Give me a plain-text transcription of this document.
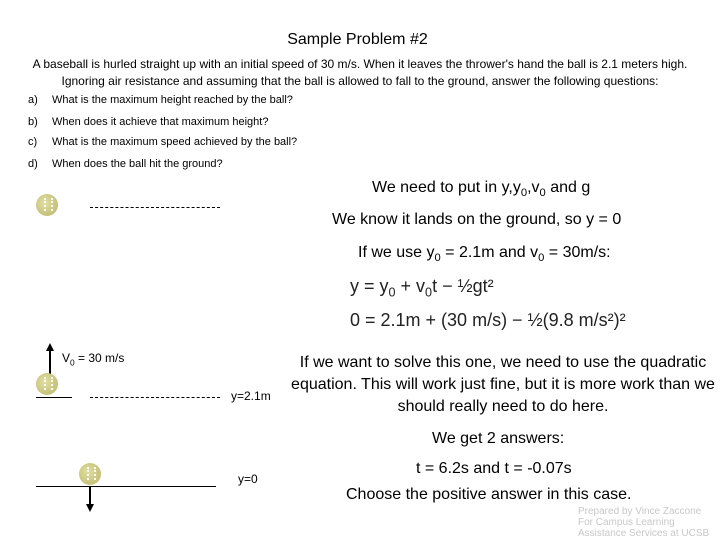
Sample Problem #2
A baseball is hurled straight up with an initial speed of 30 m/s. When it leaves the thrower's hand the ball is 2.1 meters high.
Ignoring air resistance and assuming that the ball is allowed to fall to the ground, answer the following questions:
a) What is the maximum height reached by the ball?
b) When does it achieve that maximum height?
c) What is the maximum speed achieved by the ball?
d) When does the ball hit the ground?
We need to put in $y,y_0,v_0$ and g
We know it lands on the ground, so y = 0
If we use $y_0 = 2.1m$ and $v_0 = 30m/s$:
$y = y_0 + v_0t$ − ½gt²
0 = 2.1m + (30 m/s) − ½(9.8 m/s²)²
$V_0 = 30$ m/s
y=2.1m
If we want to solve this one, we need to use the quadratic equation. This will work just fine, but it is more work than we should really need to do here.
We get 2 answers:
t = 6.2s and t = -0.07s
y=0
Choose the positive answer in this case.
Prepared by Vince Zaccone
For Campus Learning
Assistance Services at UCSB
